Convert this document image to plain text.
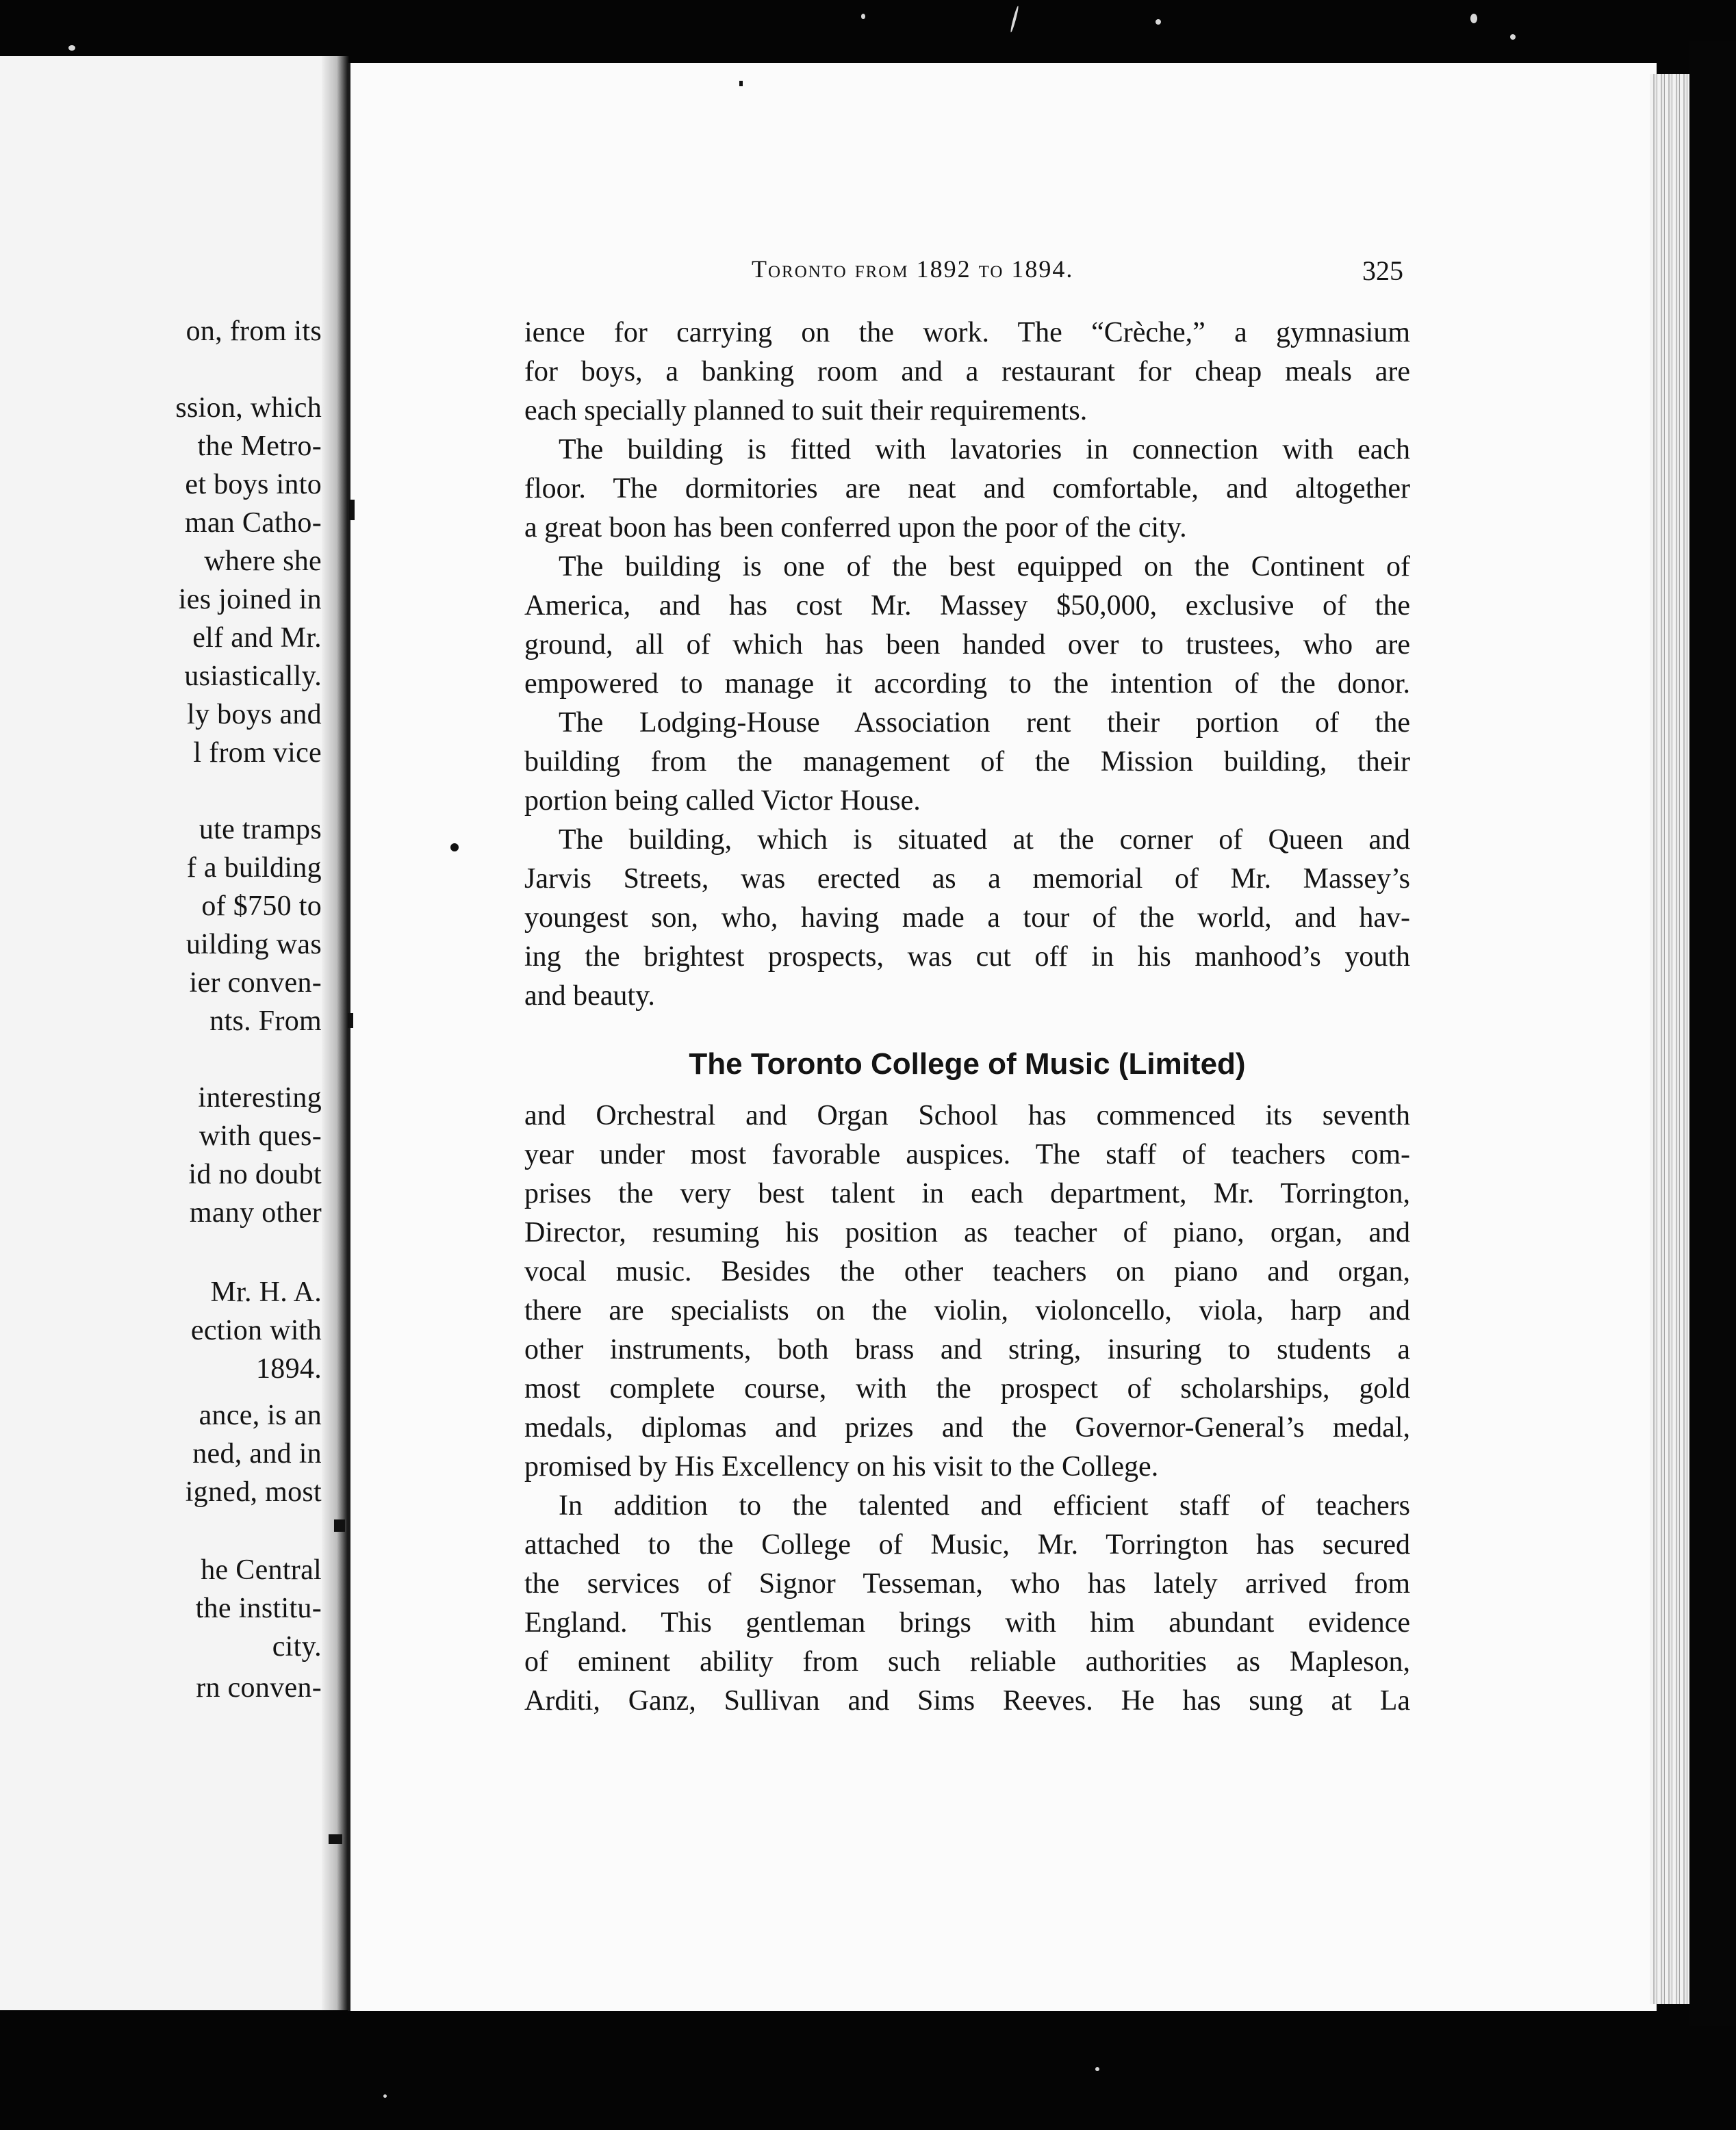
on, from its
ssion, which
the Metro-
et boys into
man Catho-
where she
ies joined in
elf and Mr.
usiastically.
ly boys and
l from vice
ute tramps
f a building
of $750 to
uilding was
ier conven-
nts. From
interesting
with ques-
id no doubt
many other
Mr. H. A.
ection with
1894.
ance, is an
ned, and in
igned, most
he Central
the institu-
city.
rn conven-
Toronto from 1892 to 1894.	325
ience for carrying on the work. The “Crèche,” a gymnasium
for boys, a banking room and a restaurant for cheap meals are
each specially planned to suit their requirements.
The building is fitted with lavatories in connection with each
floor. The dormitories are neat and comfortable, and altogether
a great boon has been conferred upon the poor of the city.
The building is one of the best equipped on the Continent of
America, and has cost Mr. Massey $50,000, exclusive of the
ground, all of which has been handed over to trustees, who are
empowered to manage it according to the intention of the donor.
The Lodging-House Association rent their portion of the
building from the management of the Mission building, their
portion being called Victor House.
The building, which is situated at the corner of Queen and
Jarvis Streets, was erected as a memorial of Mr. Massey’s
youngest son, who, having made a tour of the world, and hav-
ing the brightest prospects, was cut off in his manhood’s youth
and beauty.
The Toronto College of Music (Limited)
and Orchestral and Organ School has commenced its seventh
year under most favorable auspices. The staff of teachers com-
prises the very best talent in each department, Mr. Torrington,
Director, resuming his position as teacher of piano, organ, and
vocal music. Besides the other teachers on piano and organ,
there are specialists on the violin, violoncello, viola, harp and
other instruments, both brass and string, insuring to students a
most complete course, with the prospect of scholarships, gold
medals, diplomas and prizes and the Governor-General’s medal,
promised by His Excellency on his visit to the College.
In addition to the talented and efficient staff of teachers
attached to the College of Music, Mr. Torrington has secured
the services of Signor Tesseman, who has lately arrived from
England. This gentleman brings with him abundant evidence
of eminent ability from such reliable authorities as Mapleson,
Arditi, Ganz, Sullivan and Sims Reeves. He has sung at La
